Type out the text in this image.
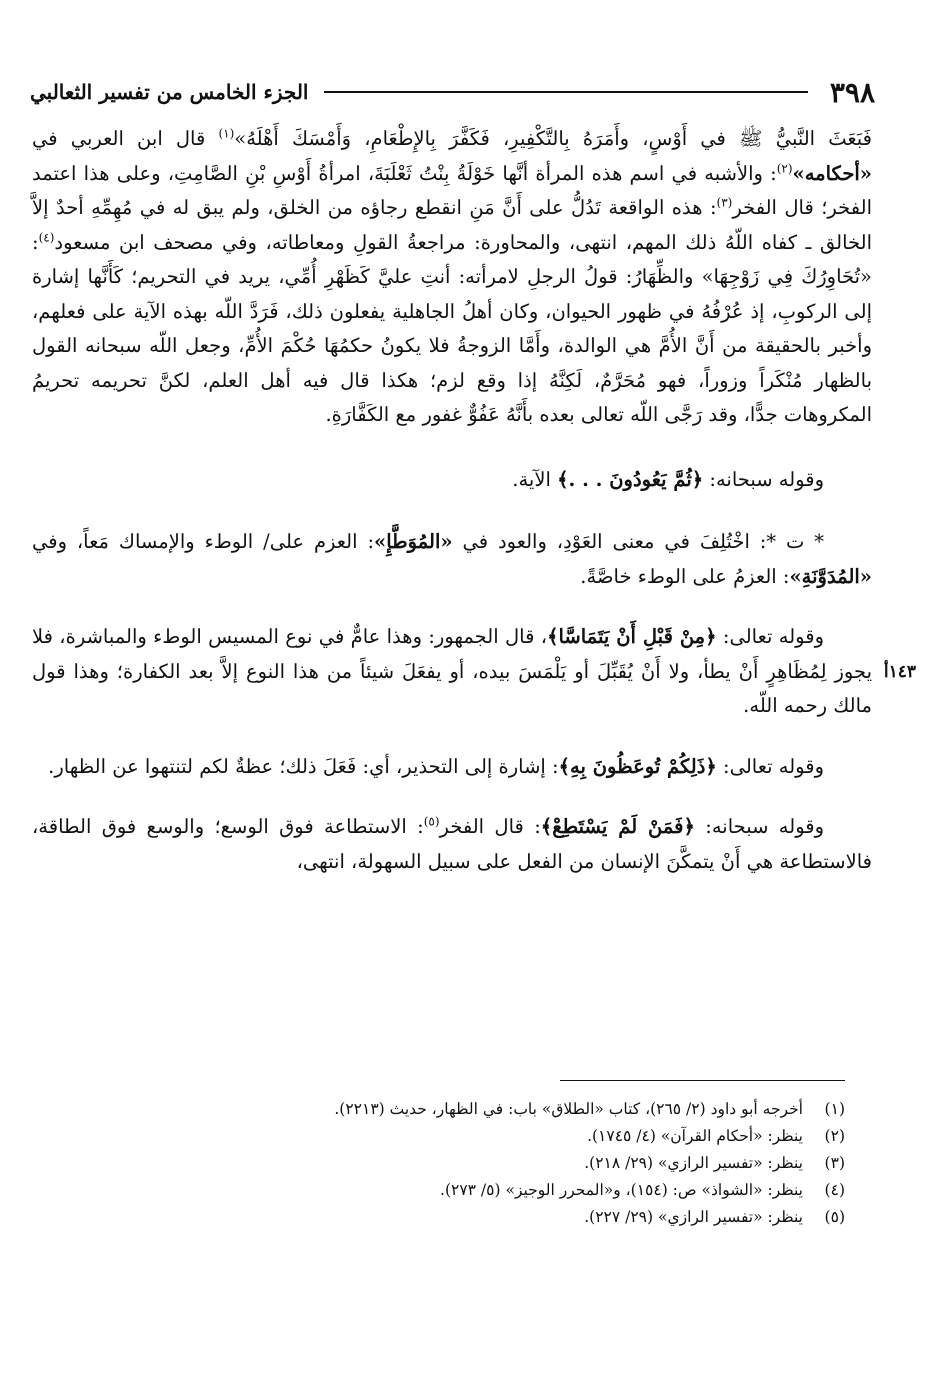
٣٩٨
الجزء الخامس من تفسير الثعالبي
١٤٣أ

فَبَعَثَ النَّبيُّ ﷺ في أَوْسٍ، وأَمَرَهُ بِالتَّكْفِيرِ، فَكَفَّرَ بِالإِطْعَامِ، وَأَمْسَكَ أَهْلَهُ»$^{(١)}$ قال ابن العربي في «أحكامه»$^{(٢)}$: والأشبه في اسم هذه المرأة أنَّها خَوْلَةُ بِنْتُ ثَعْلَبَةَ، امرأةُ أَوْسِ بْنِ الصَّامِتِ، وعلى هذا اعتمد الفخر؛ قال الفخر$^{(٣)}$: هذه الواقعة تَدُلُّ على أَنَّ مَنِ انقطع رجاؤه من الخلق، ولم يبق له في مُهِمِّهِ أحدٌ إلاَّ الخالق ـ كفاه اللّهُ ذلك المهم، انتهى، والمحاورة: مراجعةُ القولِ ومعاطاته، وفي مصحف ابن مسعود$^{(٤)}$: «تُحَاوِرُكَ فِي زَوْجِهَا» والظِّهَارُ: قولُ الرجلِ لامرأته: أنتِ عليَّ كَظَهْرِ أُمِّي، يريد في التحريم؛ كَأَنَّها إشارة إلى الركوبِ، إذ عُرْفُهُ في ظهور الحيوان، وكان أهلُ الجاهلية يفعلون ذلك، فَرَدَّ اللّه بهذه الآية على فعلهم، وأخبر بالحقيقة من أَنَّ الأُمَّ هي الوالدة، وأَمَّا الزوجةُ فلا يكونُ حكمُهَا حُكْمَ الأُمِّ، وجعل اللّه سبحانه القول بالظهار مُنْكَراً وزوراً، فهو مُحَرَّمٌ، لَكِنَّهُ إذا وقع لزم؛ هكذا قال فيه أهل العلم، لكنَّ تحريمه تحريمُ المكروهات جدًّا، وقد رَجَّى اللّه تعالى بعده بأَنَّهُ عَفُوٌّ غفور مع الكَفَّارَةِ.

وقوله سبحانه: ﴿ثُمَّ يَعُودُونَ . . .﴾ الآية.

* ت *: اخْتُلِفَ في معنى العَوْدِ، والعود في «المُوَطَّإِ»: العزم على/ الوطء والإمساك مَعاً، وفي «المُدَوَّنَةِ»: العزمُ على الوطء خاصَّةً.

وقوله تعالى: ﴿مِنْ قَبْلِ أَنْ يَتَمَاسَّا﴾، قال الجمهور: وهذا عامٌّ في نوع المسيس الوطء والمباشرة، فلا يجوز لِمُظَاهِرٍ أَنْ يطأ، ولا أَنْ يُقَبِّلَ أو يَلْمَسَ بيده، أو يفعَلَ شيئاً من هذا النوع إلاَّ بعد الكفارة؛ وهذا قول مالك رحمه اللّه.

وقوله تعالى: ﴿ذَلِكُمْ تُوعَظُونَ بِهِ﴾: إشارة إلى التحذير، أي: فَعَلَ ذلك؛ عظةٌ لكم لتنتهوا عن الظهار.

وقوله سبحانه: ﴿فَمَنْ لَمْ يَسْتَطِعْ﴾: قال الفخر$^{(٥)}$: الاستطاعة فوق الوسع؛ والوسع فوق الطاقة، فالاستطاعة هي أَنْ يتمكَّنَ الإنسان من الفعل على سبيل السهولة، انتهى،

(١)
أخرجه أبو داود (٢/ ٢٦٥)، كتاب «الطلاق» باب: في الظهار، حديث (٢٢١٣).
(٢)
ينظر: «أحكام القرآن» (٤/ ١٧٤٥).
(٣)
ينظر: «تفسير الرازي» (٢٩/ ٢١٨).
(٤)
ينظر: «الشواذ» ص: (١٥٤)، و«المحرر الوجيز» (٥/ ٢٧٣).
(٥)
ينظر: «تفسير الرازي» (٢٩/ ٢٢٧).
